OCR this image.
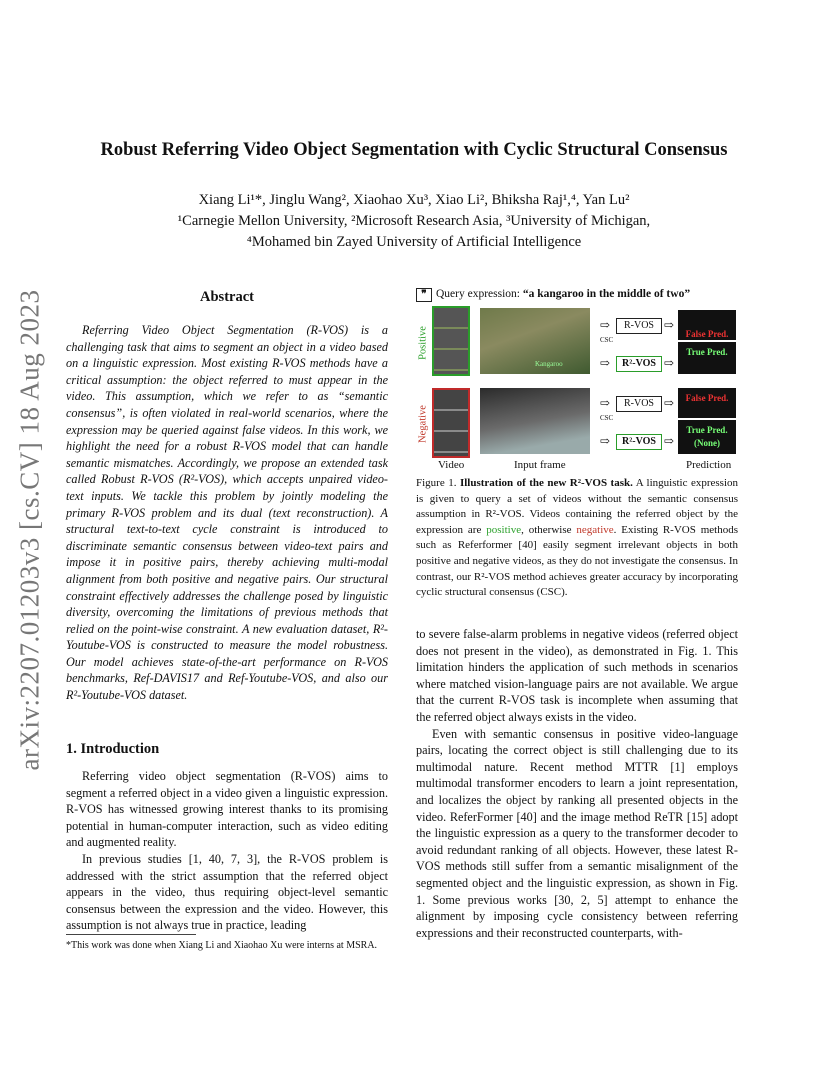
Robust Referring Video Object Segmentation with Cyclic Structural Consensus
Xiang Li¹*, Jinglu Wang², Xiaohao Xu³, Xiao Li², Bhiksha Raj¹,⁴, Yan Lu²
¹Carnegie Mellon University, ²Microsoft Research Asia, ³University of Michigan,
⁴Mohamed bin Zayed University of Artificial Intelligence
arXiv:2207.01203v3 [cs.CV] 18 Aug 2023	Abstract
Referring Video Object Segmentation (R-VOS) is a challenging task that aims to segment an object in a video based on a linguistic expression. Most existing R-VOS methods have a critical assumption: the object referred to must appear in the video. This assumption, which we refer to as “semantic consensus”, is often violated in real-world scenarios, where the expression may be queried against false videos. In this work, we highlight the need for a robust R-VOS model that can handle semantic mismatches. Accordingly, we propose an extended task called Robust R-VOS (R²-VOS), which accepts unpaired video-text inputs. We tackle this problem by jointly modeling the primary R-VOS problem and its dual (text reconstruction). A structural text-to-text cycle constraint is introduced to discriminate semantic consensus between video-text pairs and impose it in positive pairs, thereby achieving multi-modal alignment from both positive and negative pairs. Our structural constraint effectively addresses the challenge posed by linguistic diversity, overcoming the limitations of previous methods that relied on the point-wise constraint. A new evaluation dataset, R²-Youtube-VOS is constructed to measure the model robustness. Our model achieves state-of-the-art performance on R-VOS benchmarks, Ref-DAVIS17 and Ref-Youtube-VOS, and also our R²-Youtube-VOS dataset.
1. Introduction

Referring video object segmentation (R-VOS) aims to segment a referred object in a video given a linguistic expression. R-VOS has witnessed growing interest thanks to its promising potential in human-computer interaction, such as video editing and augmented reality.

In previous studies [1, 40, 7, 3], the R-VOS problem is addressed with the strict assumption that the referred object appears in the video, thus requiring object-level semantic consensus between the expression and the video. However, this assumption is not always true in practice, leading

*This work was done when Xiang Li and Xiaohao Xu were interns at MSRA.
❞ Query expression: “a kangaroo in the middle of two”
Positive
Kangaroo
R-VOS
R²-VOS
CSC
⇨	⇨
⇨	⇨
False Pred.
True Pred.
Negative
R-VOS
R²-VOS
CSC
⇨	⇨
⇨	⇨
False Pred.
True Pred.
(None)
Video	Input frame	Prediction
Figure 1. Illustration of the new R²-VOS task. A linguistic expression is given to query a set of videos without the semantic consensus assumption in R²-VOS. Videos containing the referred object by the expression are positive, otherwise negative. Existing R-VOS methods such as Referformer [40] easily segment irrelevant objects in both positive and negative videos, as they do not investigate the consensus. In contrast, our R²-VOS method achieves greater accuracy by incorporating cyclic structural consensus (CSC).

to severe false-alarm problems in negative videos (referred object does not present in the video), as demonstrated in Fig. 1. This limitation hinders the application of such methods in scenarios where matched vision-language pairs are not available. We argue that the current R-VOS task is incomplete when assuming that the referred object always exists in the video.

Even with semantic consensus in positive video-language pairs, locating the correct object is still challenging due to its multimodal nature. Recent method MTTR [1] employs multimodal transformer encoders to learn a joint representation, and localizes the object by ranking all presented objects in the video. ReferFormer [40] and the image method ReTR [15] adopt the linguistic expression as a query to the transformer decoder to avoid redundant ranking of all objects. However, these latest R-VOS methods still suffer from a semantic misalignment of the segmented object and the linguistic expression, as shown in Fig. 1. Some previous works [30, 2, 5] attempt to enhance the alignment by imposing cycle consistency between referring expressions and their reconstructed counterparts, with-
